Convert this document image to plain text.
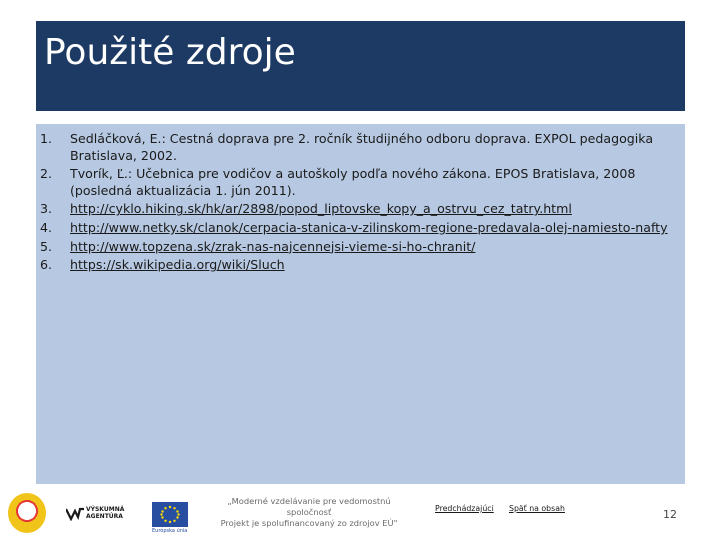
Použité zdroje
1.	Sedláčková, E.: Cestná doprava pre 2. ročník študijného odboru doprava. EXPOL pedagogika Bratislava, 2002.
2.	Tvorík, Ľ.: Učebnica pre vodičov a autoškoly podľa nového zákona. EPOS Bratislava, 2008 (posledná aktualizácia 1. jún 2011).
3.	http://cyklo.hiking.sk/hk/ar/2898/popod_liptovske_kopy_a_ostrvu_cez_tatry.html
4.	http://www.netky.sk/clanok/cerpacia-stanica-v-zilinskom-regione-predavala-olej-namiesto-nafty
5.	http://www.topzena.sk/zrak-nas-najcennejsi-vieme-si-ho-chranit/
6.	https://sk.wikipedia.org/wiki/Sluch
VÝSKUMNÁ
AGENTÚRA
Európska únia
„Moderné vzdelávanie pre vedomostnú spoločnosť
Projekt je spolufinancovaný zo zdrojov EÚ"
Predchádzajúci Späť na obsah	12
